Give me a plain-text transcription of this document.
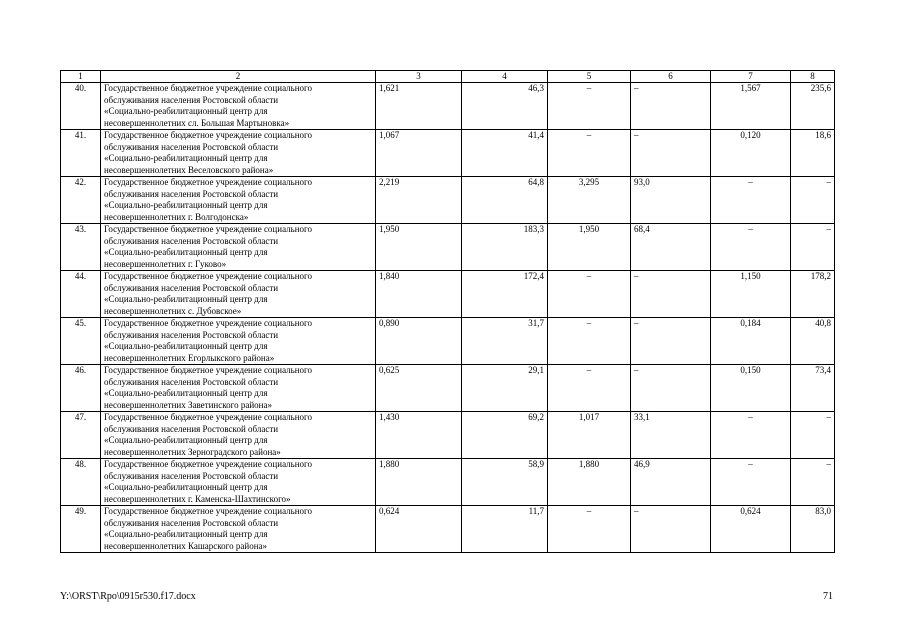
1	2	3	4	5	6	7	8
40.	Государственное бюджетное учреждение социального
обслуживания населения Ростовской области
«Социально-реабилитационный центр для
несовершеннолетних сл. Большая Мартыновка»	1,621	46,3	–	–	1,567	235,6
41.	Государственное бюджетное учреждение социального
обслуживания населения Ростовской области
«Социально-реабилитационный центр для
несовершеннолетних Веселовского района»	1,067	41,4	–	–	0,120	18,6
42.	Государственное бюджетное учреждение социального
обслуживания населения Ростовской области
«Социально-реабилитационный центр для
несовершеннолетних г. Волгодонска»	2,219	64,8	3,295	93,0	–	–
43.	Государственное бюджетное учреждение социального
обслуживания населения Ростовской области
«Социально-реабилитационный центр для
несовершеннолетних г. Гуково»	1,950	183,3	1,950	68,4	–	–
44.	Государственное бюджетное учреждение социального
обслуживания населения Ростовской области
«Социально-реабилитационный центр для
несовершеннолетних с. Дубовское»	1,840	172,4	–	–	1,150	178,2
45.	Государственное бюджетное учреждение социального
обслуживания населения Ростовской области
«Социально-реабилитационный центр для
несовершеннолетних Егорлыкского района»	0,890	31,7	–	–	0,184	40,8
46.	Государственное бюджетное учреждение социального
обслуживания населения Ростовской области
«Социально-реабилитационный центр для
несовершеннолетних Заветинского района»	0,625	29,1	–	–	0,150	73,4
47.	Государственное бюджетное учреждение социального
обслуживания населения Ростовской области
«Социально-реабилитационный центр для
несовершеннолетних Зерноградского района»	1,430	69,2	1,017	33,1	–	–
48.	Государственное бюджетное учреждение социального
обслуживания населения Ростовской области
«Социально-реабилитационный центр для
несовершеннолетних г. Каменска-Шахтинского»	1,880	58,9	1,880	46,9	–	–
49.	Государственное бюджетное учреждение социального
обслуживания населения Ростовской области
«Социально-реабилитационный центр для
несовершеннолетних Кашарского района»	0,624	11,7	–	–	0,624	83,0
Y:\ORST\Rpo\0915r530.f17.docx	71
